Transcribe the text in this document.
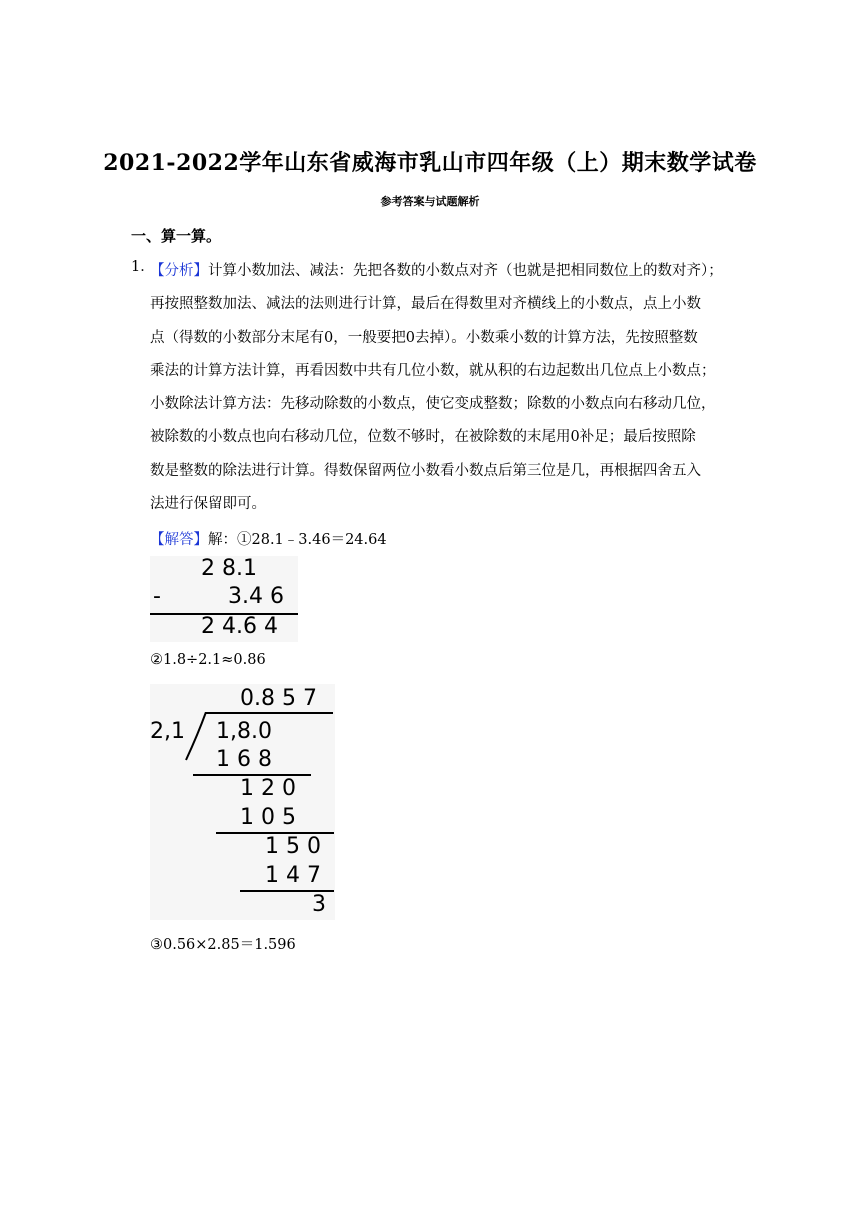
2021-2022学年山东省威海市乳山市四年级（上）期末数学试卷
参考答案与试题解析
一、算一算。
1．
【分析】计算小数加法、减法：先把各数的小数点对齐（也就是把相同数位上的数对齐）；
再按照整数加法、减法的法则进行计算，最后在得数里对齐横线上的小数点，点上小数
点（得数的小数部分末尾有0，一般要把0去掉）。小数乘小数的计算方法，先按照整数
乘法的计算方法计算，再看因数中共有几位小数，就从积的右边起数出几位点上小数点；
小数除法计算方法：先移动除数的小数点，使它变成整数；除数的小数点向右移动几位，
被除数的小数点也向右移动几位，位数不够时，在被除数的末尾用0补足；最后按照除
数是整数的除法进行计算。得数保留两位小数看小数点后第三位是几，再根据四舍五入
法进行保留即可。
【解答】解：①28.1﹣3.46＝24.64
2 8.1
-	3.4 6
2 4.6 4
②1.8÷2.1≈0.86
0.8 5 7
2,1 1,8.0
1 6 8
1 2 0
1 0 5
1 5 0
1 4 7
3
③0.56×2.85＝1.596
